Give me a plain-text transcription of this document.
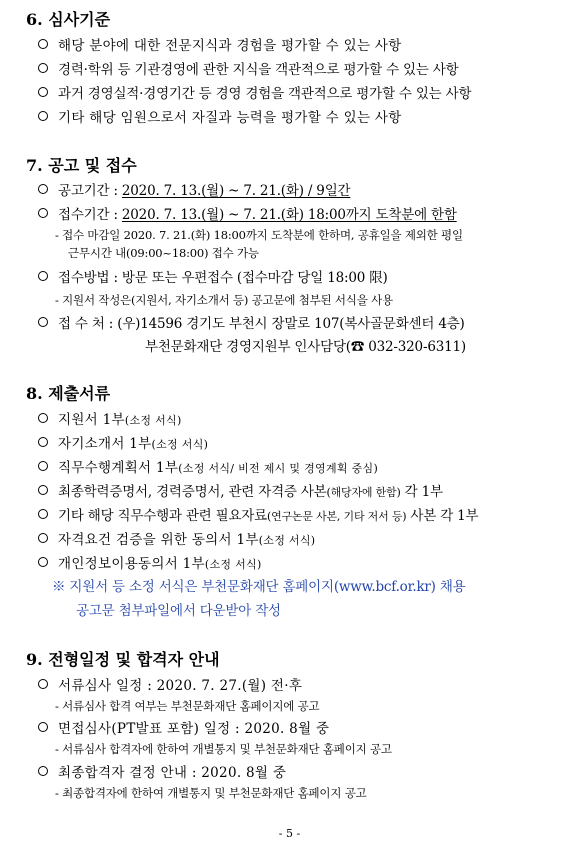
6. 심사기준
해당 분야에 대한 전문지식과 경험을 평가할 수 있는 사항
경력·학위 등 기관경영에 관한 지식을 객관적으로 평가할 수 있는 사항
과거 경영실적·경영기간 등 경영 경험을 객관적으로 평가할 수 있는 사항
기타 해당 임원으로서 자질과 능력을 평가할 수 있는 사항
7. 공고 및 접수
공고기간 : 2020. 7. 13.(월) ~ 7. 21.(화) / 9일간
접수기간 : 2020. 7. 13.(월) ~ 7. 21.(화) 18:00까지 도착분에 한함
- 접수 마감일 2020. 7. 21.(화) 18:00까지 도착분에 한하며, 공휴일을 제외한 평일
근무시간 내(09:00~18:00) 접수 가능
접수방법 : 방문 또는 우편접수 (접수마감 당일 18:00 限)
- 지원서 작성은(지원서, 자기소개서 등) 공고문에 첨부된 서식을 사용
접 수 처 : (우)14596 경기도 부천시 장말로 107(복사골문화센터 4층)
부천문화재단 경영지원부 인사담당(☎ 032-320-6311)
8. 제출서류
지원서 1부(소정 서식)
자기소개서 1부(소정 서식)
직무수행계획서 1부(소정 서식/ 비전 제시 및 경영계획 중심)
최종학력증명서, 경력증명서, 관련 자격증 사본(해당자에 한함) 각 1부
기타 해당 직무수행과 관련 필요자료(연구논문 사본, 기타 저서 등) 사본 각 1부
자격요건 검증을 위한 동의서 1부(소정 서식)
개인정보이용동의서 1부(소정 서식)
※ 지원서 등 소정 서식은 부천문화재단 홈페이지(www.bcf.or.kr) 채용
공고문 첨부파일에서 다운받아 작성
9. 전형일정 및 합격자 안내
서류심사 일정 : 2020. 7. 27.(월) 전·후
- 서류심사 합격 여부는 부천문화재단 홈페이지에 공고
면접심사(PT발표 포함) 일정 : 2020. 8월 중
- 서류심사 합격자에 한하여 개별통지 및 부천문화재단 홈페이지 공고
최종합격자 결정 안내 : 2020. 8월 중
- 최종합격자에 한하여 개별통지 및 부천문화재단 홈페이지 공고
- 5 -
